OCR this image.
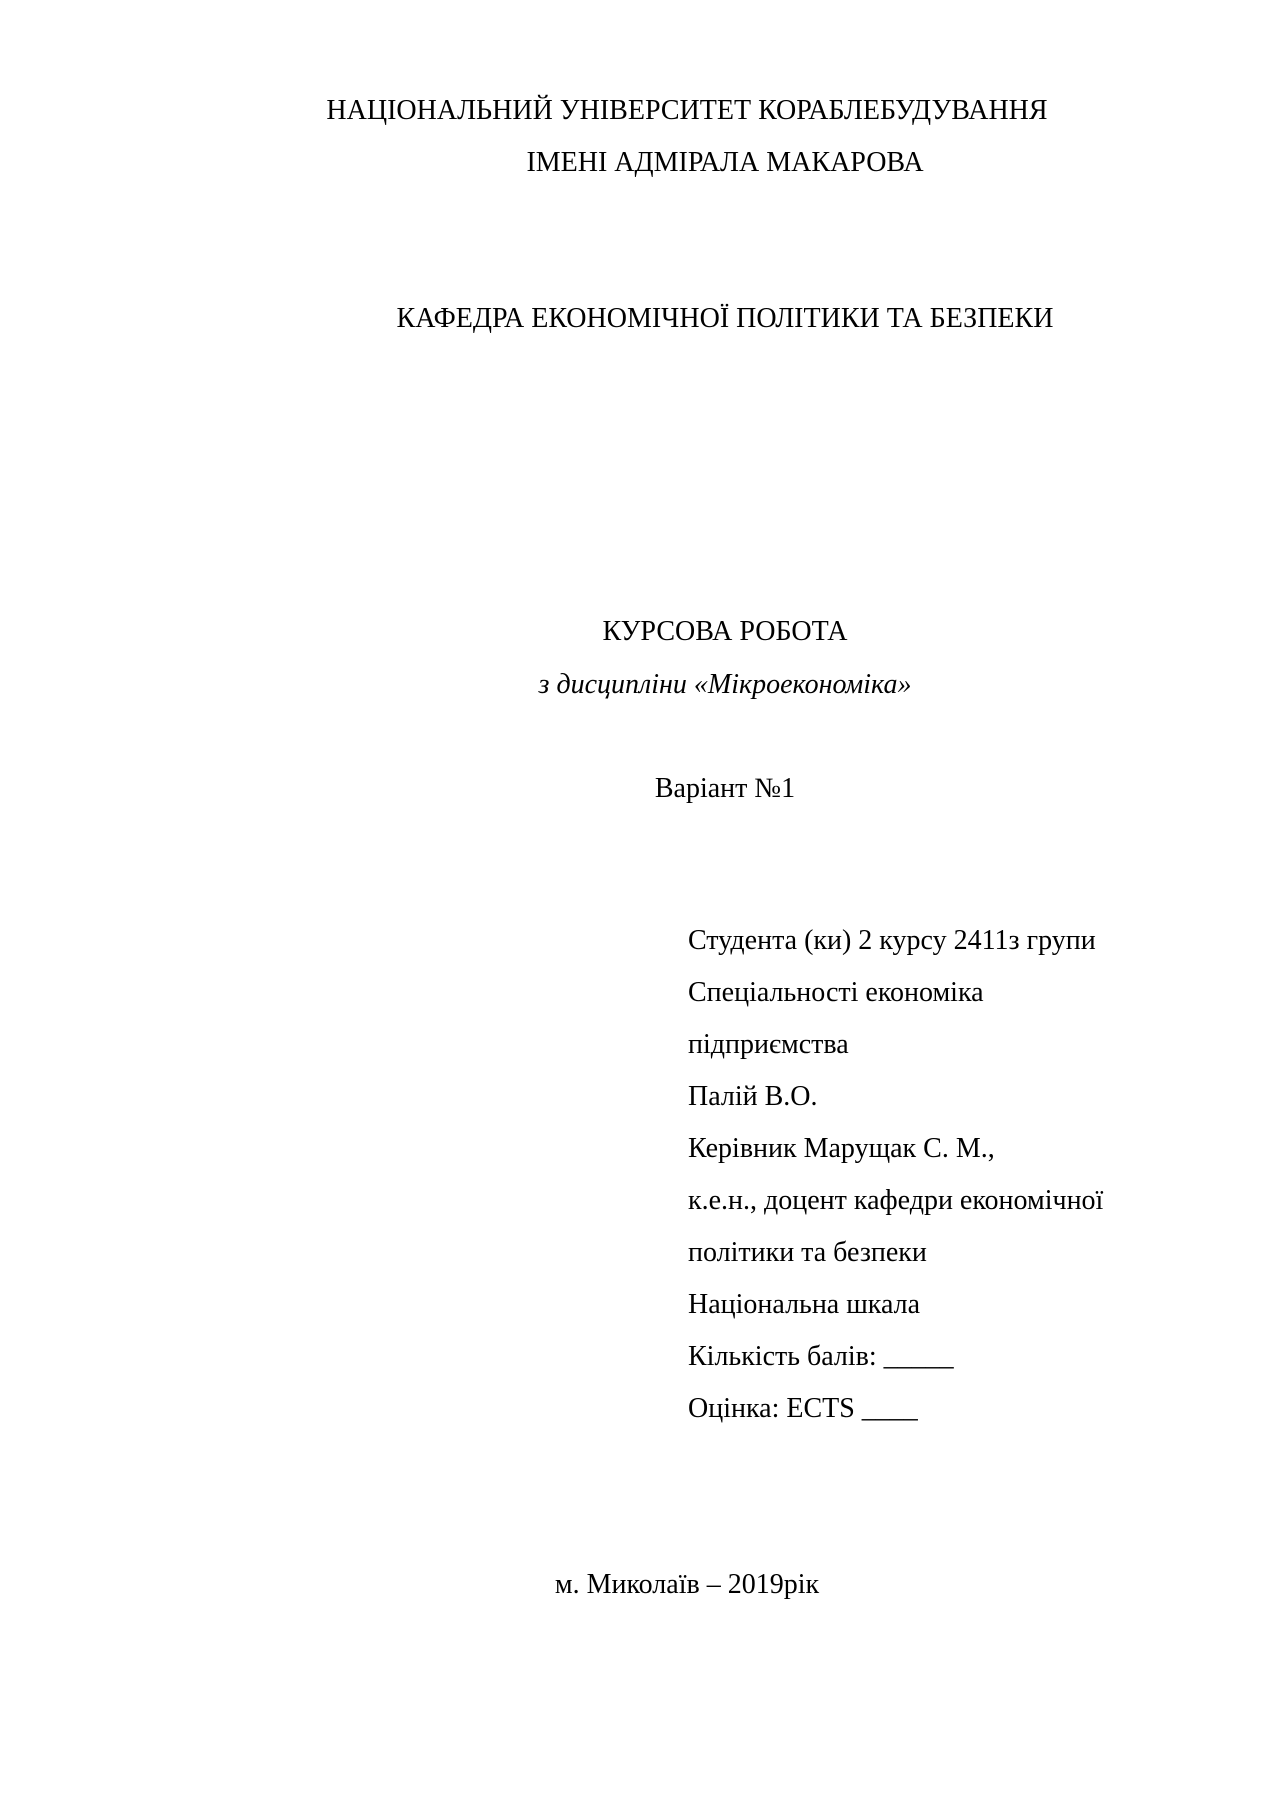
НАЦІОНАЛЬНИЙ УНІВЕРСИТЕТ КОРАБЛЕБУДУВАННЯ

ІМЕНІ АДМІРАЛА МАКАРОВА

КАФЕДРА ЕКОНОМІЧНОЇ ПОЛІТИКИ ТА БЕЗПЕКИ

КУРСОВА РОБОТА

з дисципліни «Мікроекономіка»

Варіант №1

Студента (ки) 2 курсу 2411з групи
Спеціальності економіка
підприємства
Палій В.О.
Керівник Марущак С. М.,
к.е.н., доцент кафедри економічної
політики та безпеки
Національна шкала
Кількість балів: _____
Оцінка: ECTS ____

м. Миколаїв – 2019рік
